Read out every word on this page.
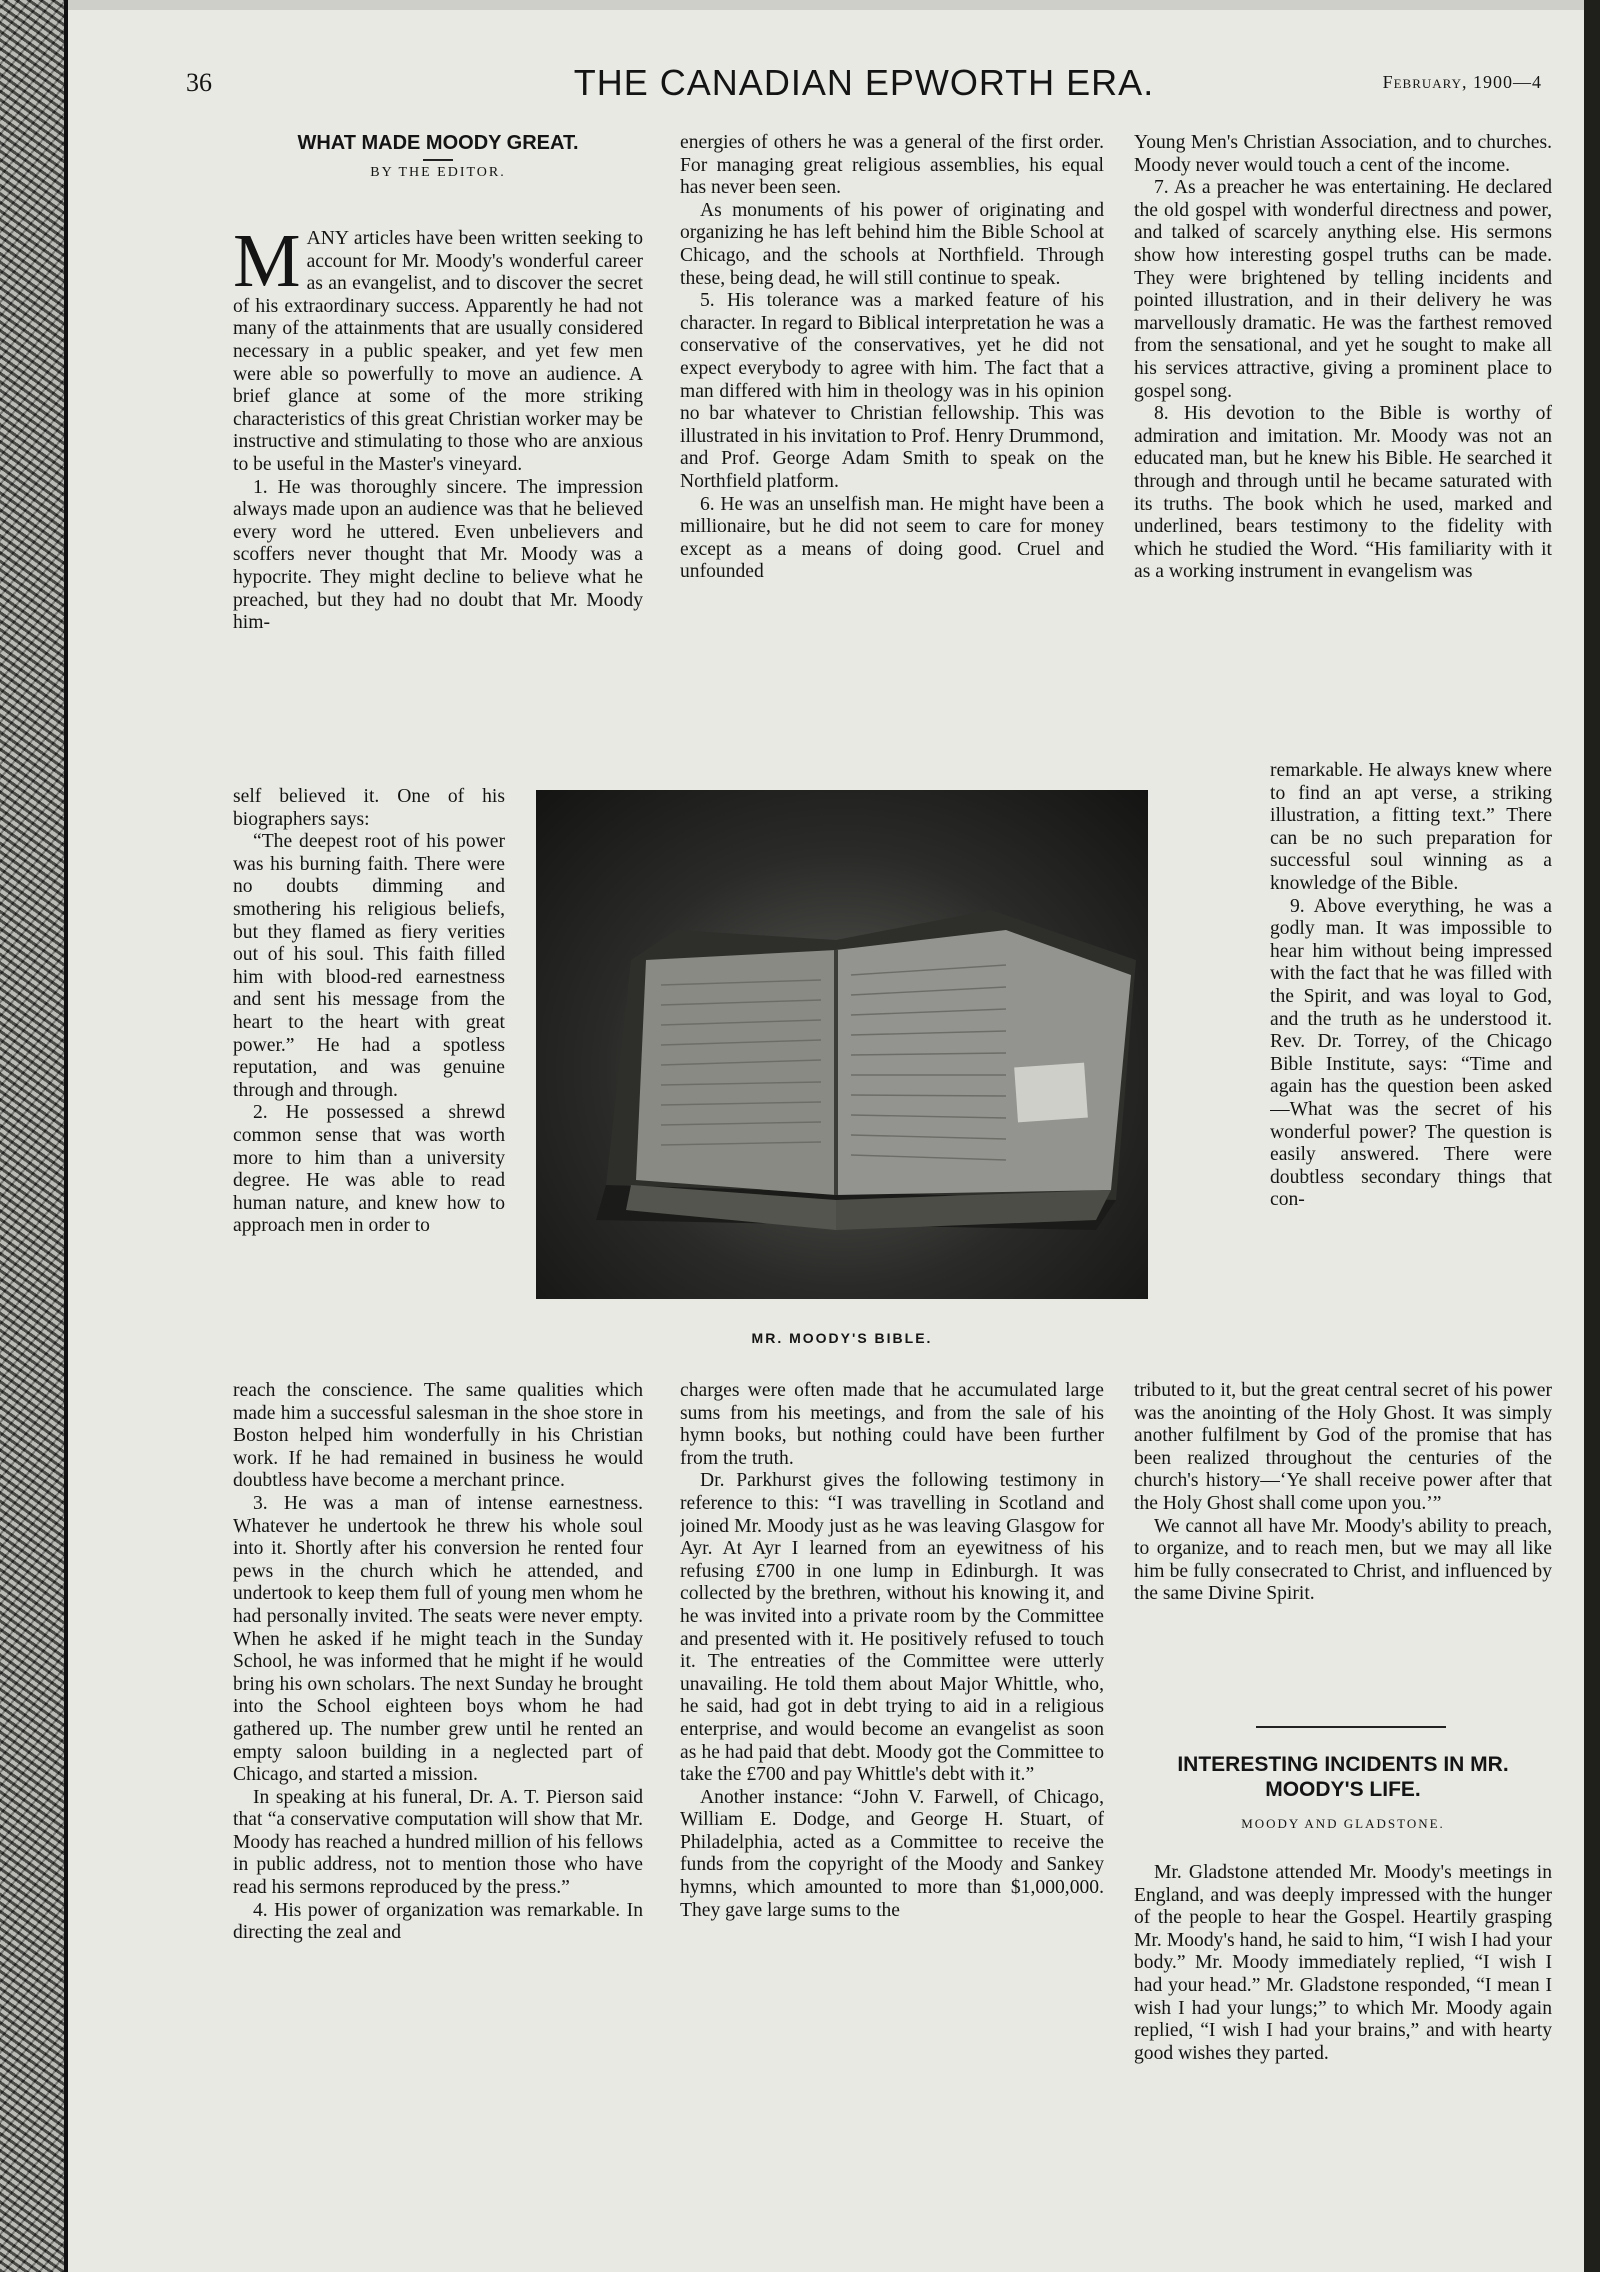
36	THE CANADIAN EPWORTH ERA.	February, 1900—4
WHAT MADE MOODY GREAT.
BY THE EDITOR.

MANY articles have been written seeking to account for Mr. Moody's wonderful career as an evangelist, and to discover the secret of his extraordinary success. Apparently he had not many of the attainments that are usually considered necessary in a public speaker, and yet few men were able so powerfully to move an audience. A brief glance at some of the more striking characteristics of this great Christian worker may be instructive and stimulating to those who are anxious to be useful in the Master's vineyard.

1. He was thoroughly sincere. The impression always made upon an audience was that he believed every word he uttered. Even unbelievers and scoffers never thought that Mr. Moody was a hypocrite. They might decline to believe what he preached, but they had no doubt that Mr. Moody him-

self believed it. One of his biographers says:

“The deepest root of his power was his burning faith. There were no doubts dimming and smothering his religious beliefs, but they flamed as fiery verities out of his soul. This faith filled him with blood-red earnestness and sent his message from the heart to the heart with great power.” He had a spotless reputation, and was genuine through and through.

2. He possessed a shrewd common sense that was worth more to him than a university degree. He was able to read human nature, and knew how to approach men in order to

reach the conscience. The same qualities which made him a successful salesman in the shoe store in Boston helped him wonderfully in his Christian work. If he had remained in business he would doubtless have become a merchant prince.

3. He was a man of intense earnestness. Whatever he undertook he threw his whole soul into it. Shortly after his conversion he rented four pews in the church which he attended, and undertook to keep them full of young men whom he had personally invited. The seats were never empty. When he asked if he might teach in the Sunday School, he was informed that he might if he would bring his own scholars. The next Sunday he brought into the School eighteen boys whom he had gathered up. The number grew until he rented an empty saloon building in a neglected part of Chicago, and started a mission.

In speaking at his funeral, Dr. A. T. Pierson said that “a conservative computation will show that Mr. Moody has reached a hundred million of his fellows in public address, not to mention those who have read his sermons reproduced by the press.”

4. His power of organization was remarkable. In directing the zeal and

energies of others he was a general of the first order. For managing great religious assemblies, his equal has never been seen.

As monuments of his power of originating and organizing he has left behind him the Bible School at Chicago, and the schools at Northfield. Through these, being dead, he will still continue to speak.

5. His tolerance was a marked feature of his character. In regard to Biblical interpretation he was a conservative of the conservatives, yet he did not expect everybody to agree with him. The fact that a man differed with him in theology was in his opinion no bar whatever to Christian fellowship. This was illustrated in his invitation to Prof. Henry Drummond, and Prof. George Adam Smith to speak on the Northfield platform.

6. He was an unselfish man. He might have been a millionaire, but he did not seem to care for money except as a means of doing good. Cruel and unfounded

charges were often made that he accumulated large sums from his meetings, and from the sale of his hymn books, but nothing could have been further from the truth.

Dr. Parkhurst gives the following testimony in reference to this: “I was travelling in Scotland and joined Mr. Moody just as he was leaving Glasgow for Ayr. At Ayr I learned from an eyewitness of his refusing £700 in one lump in Edinburgh. It was collected by the brethren, without his knowing it, and he was invited into a private room by the Committee and presented with it. He positively refused to touch it. The entreaties of the Committee were utterly unavailing. He told them about Major Whittle, who, he said, had got in debt trying to aid in a religious enterprise, and would become an evangelist as soon as he had paid that debt. Moody got the Committee to take the £700 and pay Whittle's debt with it.”

Another instance: “John V. Farwell, of Chicago, William E. Dodge, and George H. Stuart, of Philadelphia, acted as a Committee to receive the funds from the copyright of the Moody and Sankey hymns, which amounted to more than $1,000,000. They gave large sums to the

MR. MOODY'S BIBLE.

Young Men's Christian Association, and to churches. Moody never would touch a cent of the income.

7. As a preacher he was entertaining. He declared the old gospel with wonderful directness and power, and talked of scarcely anything else. His sermons show how interesting gospel truths can be made. They were brightened by telling incidents and pointed illustration, and in their delivery he was marvellously dramatic. He was the farthest removed from the sensational, and yet he sought to make all his services attractive, giving a prominent place to gospel song.

8. His devotion to the Bible is worthy of admiration and imitation. Mr. Moody was not an educated man, but he knew his Bible. He searched it through and through until he became saturated with its truths. The book which he used, marked and underlined, bears testimony to the fidelity with which he studied the Word. “His familiarity with it as a working instrument in evangelism was

remarkable. He always knew where to find an apt verse, a striking illustration, a fitting text.” There can be no such preparation for successful soul winning as a knowledge of the Bible.

9. Above everything, he was a godly man. It was impossible to hear him without being impressed with the fact that he was filled with the Spirit, and was loyal to God, and the truth as he understood it. Rev. Dr. Torrey, of the Chicago Bible Institute, says: “Time and again has the question been asked—What was the secret of his wonderful power? The question is easily answered. There were doubtless secondary things that con-

tributed to it, but the great central secret of his power was the anointing of the Holy Ghost. It was simply another fulfilment by God of the promise that has been realized throughout the centuries of the church's history—‘Ye shall receive power after that the Holy Ghost shall come upon you.’”

We cannot all have Mr. Moody's ability to preach, to organize, and to reach men, but we may all like him be fully consecrated to Christ, and influenced by the same Divine Spirit.

INTERESTING INCIDENTS IN MR. MOODY'S LIFE.
MOODY AND GLADSTONE.

Mr. Gladstone attended Mr. Moody's meetings in England, and was deeply impressed with the hunger of the people to hear the Gospel. Heartily grasping Mr. Moody's hand, he said to him, “I wish I had your body.” Mr. Moody immediately replied, “I wish I had your head.” Mr. Gladstone responded, “I mean I wish I had your lungs;” to which Mr. Moody again replied, “I wish I had your brains,” and with hearty good wishes they parted.
